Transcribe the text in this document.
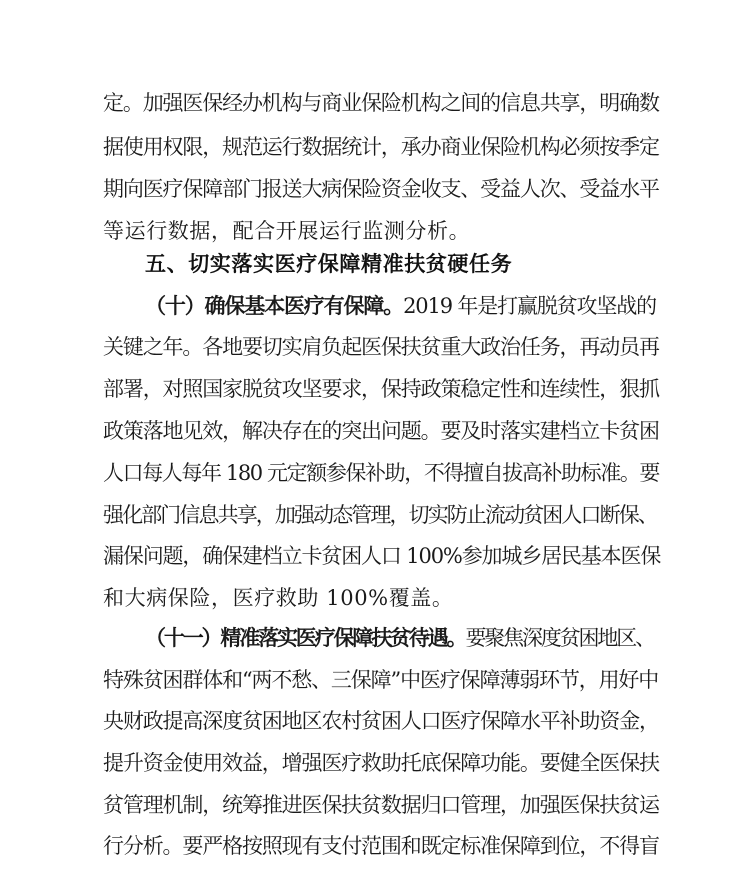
定。加强医保经办机构与商业保险机构之间的信息共享，明确数
据使用权限，规范运行数据统计，承办商业保险机构必须按季定
期向医疗保障部门报送大病保险资金收支、受益人次、受益水平
等运行数据，配合开展运行监测分析。
五、切实落实医疗保障精准扶贫硬任务
（十）确保基本医疗有保障。2019 年是打赢脱贫攻坚战的
关键之年。各地要切实肩负起医保扶贫重大政治任务，再动员再
部署，对照国家脱贫攻坚要求，保持政策稳定性和连续性，狠抓
政策落地见效，解决存在的突出问题。要及时落实建档立卡贫困
人口每人每年 180 元定额参保补助，不得擅自拔高补助标准。要
强化部门信息共享，加强动态管理，切实防止流动贫困人口断保、
漏保问题，确保建档立卡贫困人口 100%参加城乡居民基本医保
和大病保险，医疗救助 100%覆盖。
（十一）精准落实医疗保障扶贫待遇。要聚焦深度贫困地区、
特殊贫困群体和“两不愁、三保障”中医疗保障薄弱环节，用好中
央财政提高深度贫困地区农村贫困人口医疗保障水平补助资金，
提升资金使用效益，增强医疗救助托底保障功能。要健全医保扶
贫管理机制，统筹推进医保扶贫数据归口管理，加强医保扶贫运
行分析。要严格按照现有支付范围和既定标准保障到位，不得盲
